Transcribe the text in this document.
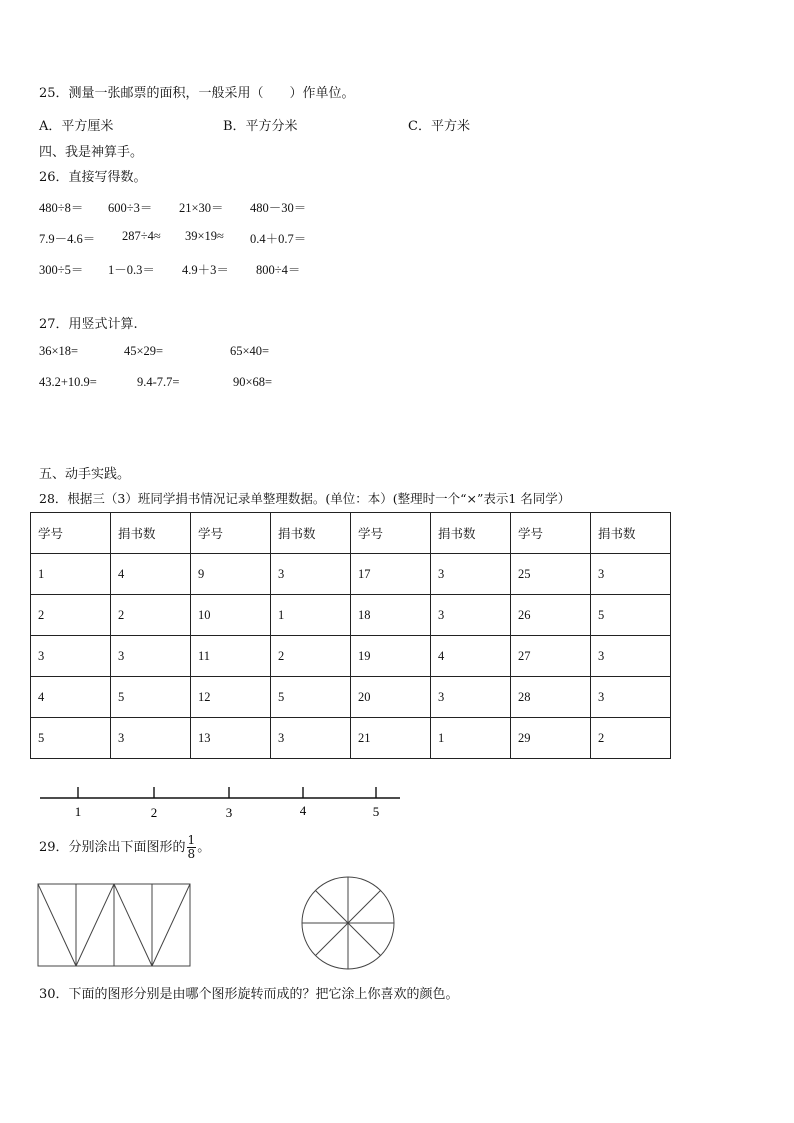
25．测量一张邮票的面积，一般采用（　　）作单位。
A．平方厘米	B．平方分米	C．平方米
四、我是神算手。
26．直接写得数。
480÷8＝ 600÷3＝ 21×30＝ 480－30＝
7.9－4.6＝ 287÷4≈ 39×19≈ 0.4＋0.7＝
300÷5＝ 1－0.3＝ 4.9＋3＝ 800÷4＝
27．用竖式计算.
36×18=	45×29=	65×40=
43.2+10.9=	9.4-7.7=	90×68=
五、动手实践。
28．根据三（3）班同学捐书情况记录单整理数据。(单位：本）(整理时一个“×”表示1 名同学）
学号	捐书数	学号	捐书数	学号	捐书数	学号	捐书数
1	4	9	3	17	3	25	3
2	2	10	1	18	3	26	5
3	3	11	2	19	4	27	3
4	5	12	5	20	3	28	3
5	3	13	3	21	1	29	2
1	2	3	4	5
29．分别涂出下面图形的 $\frac{1}{8}$ 。
30．下面的图形分别是由哪个图形旋转而成的？把它涂上你喜欢的颜色。
